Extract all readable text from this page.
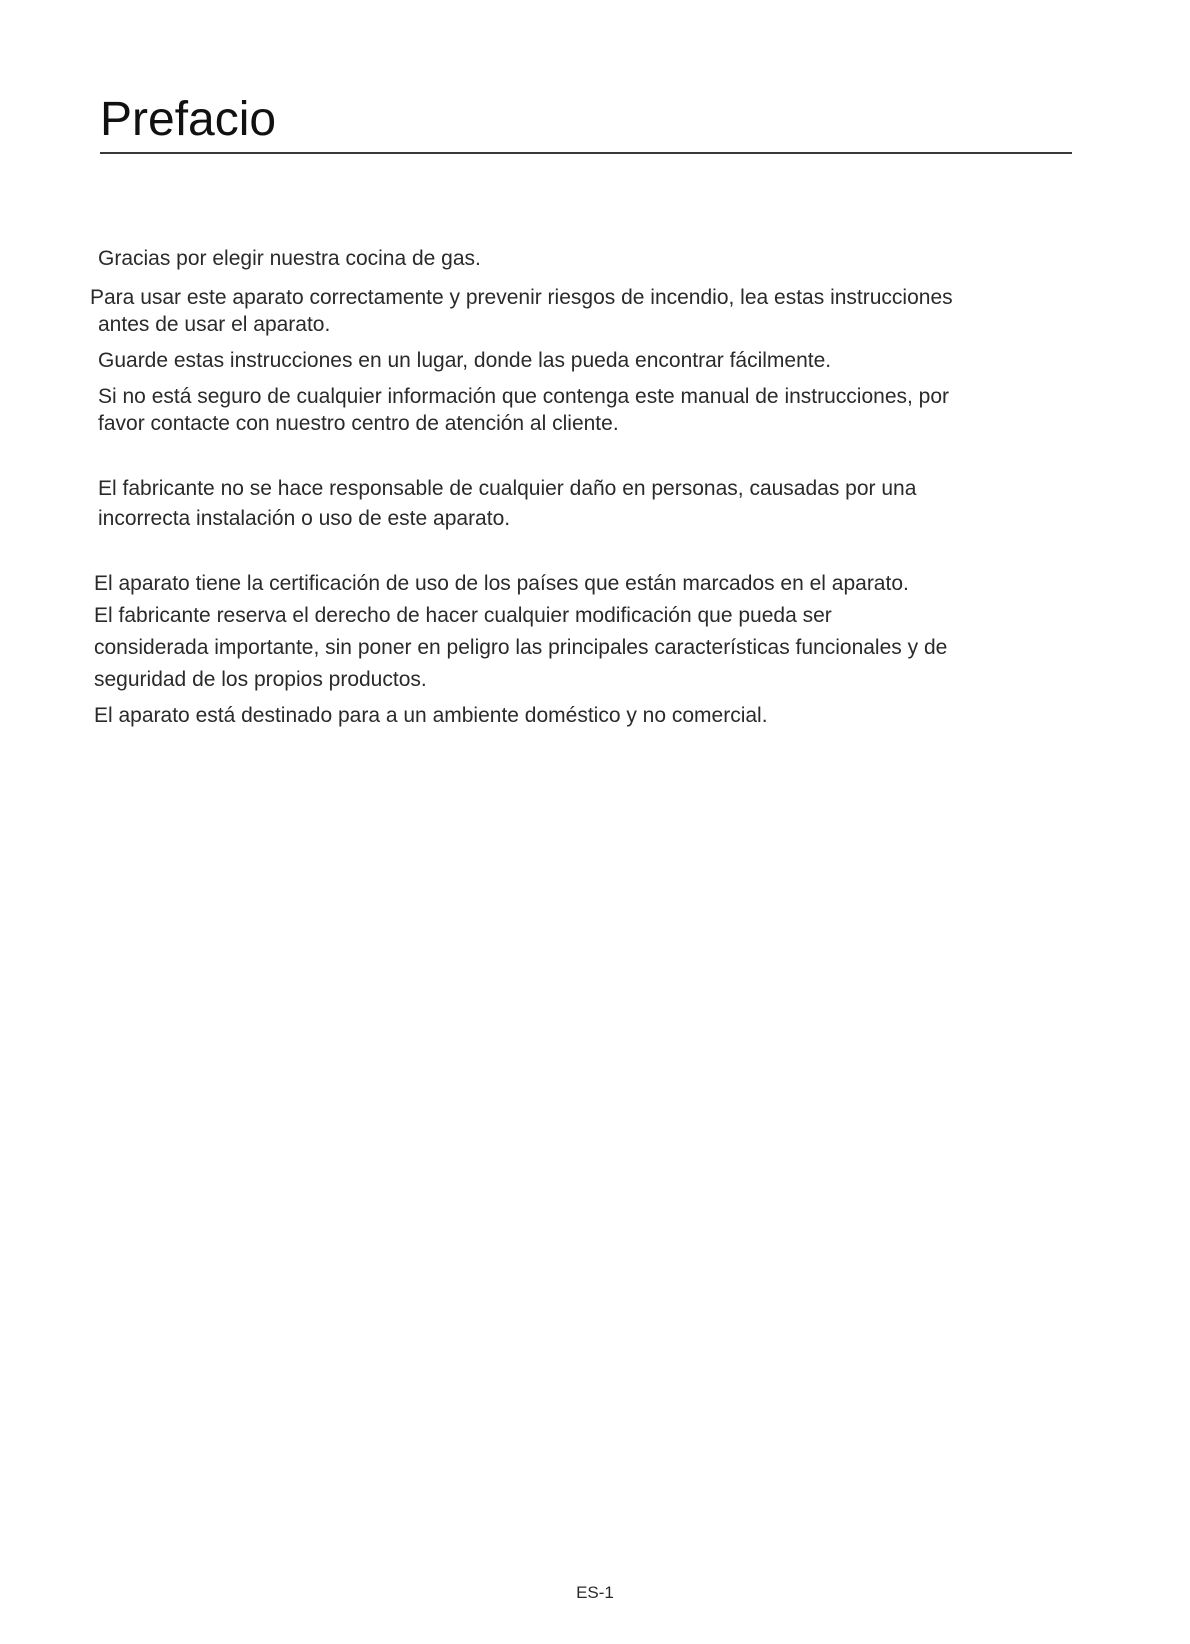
Prefacio

Gracias por elegir nuestra cocina de gas.

Para usar este aparato correctamente y prevenir riesgos de incendio, lea estas instrucciones

antes de usar el aparato.

Guarde estas instrucciones en un lugar, donde las pueda encontrar fácilmente.

Si no está seguro de cualquier información que contenga este manual de instrucciones, por

favor contacte con nuestro centro de atención al cliente.

El fabricante no se hace responsable de cualquier daño en personas, causadas por una

incorrecta instalación o uso de este aparato.

El aparato tiene la certificación de uso de los países que están marcados en el aparato.

El fabricante reserva el derecho de hacer cualquier modificación que pueda ser

considerada importante, sin poner en peligro las principales características funcionales y de

seguridad de los propios productos.

El aparato está destinado para a un ambiente doméstico y no comercial.

ES-1
